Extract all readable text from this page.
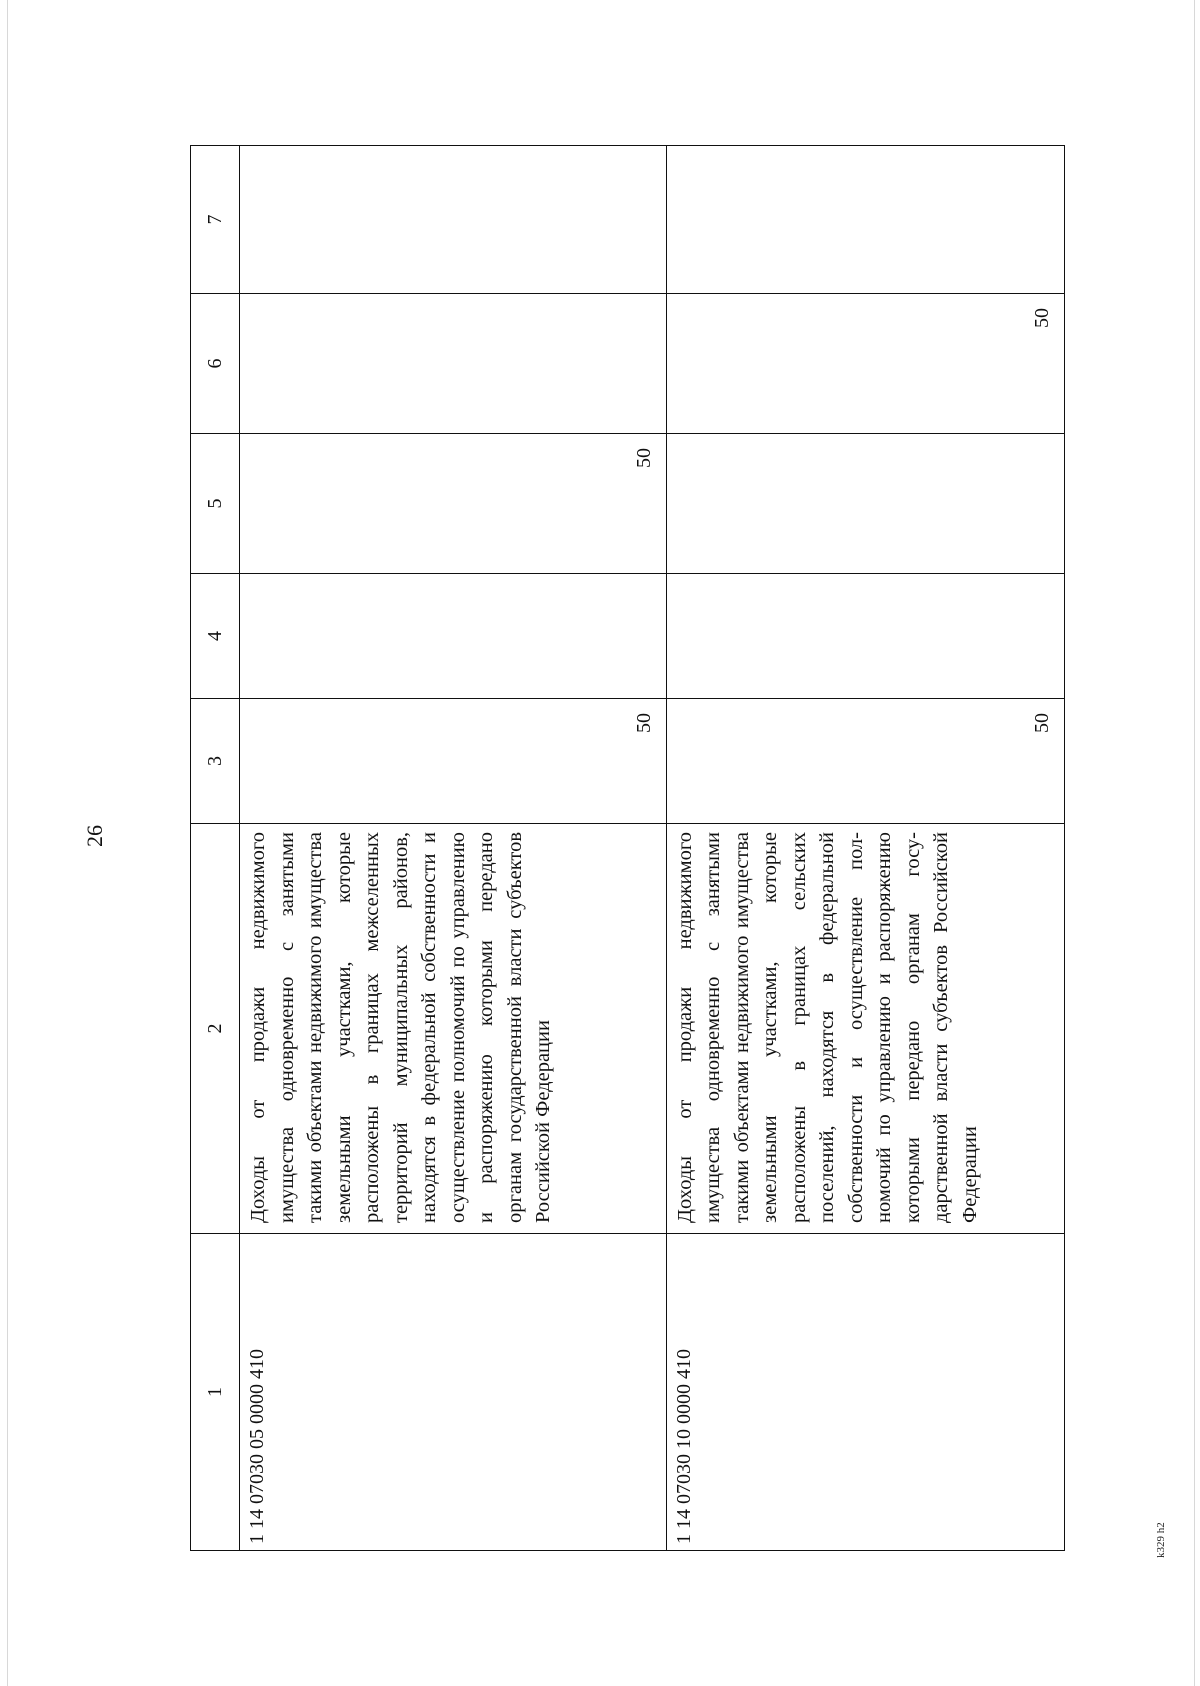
26
1	2	3	4	5	6	7
1 14 07030 05 0000 410	Доходы от продажи недвижимого имущества одновременно с занятыми такими объектами недвижимого имущества земельными участками, которые расположены в границах межселенных территорий муниципальных районов, находятся в федеральной собственности и осуществление полномочий по управлению и распоряжению которыми передано органам государственной власти субъектов Российской Федерации	50		50		
1 14 07030 10 0000 410	Доходы от продажи недвижимого имущества одновременно с занятыми такими объектами недвижимого имущества земельными участками, которые расположены в границах сельских поселений, находятся в федеральной собственности и осуществление полномочий по управлению и распоряжению которыми передано органам государственной власти субъектов Российской Федерации	50			50	
k329 h2
